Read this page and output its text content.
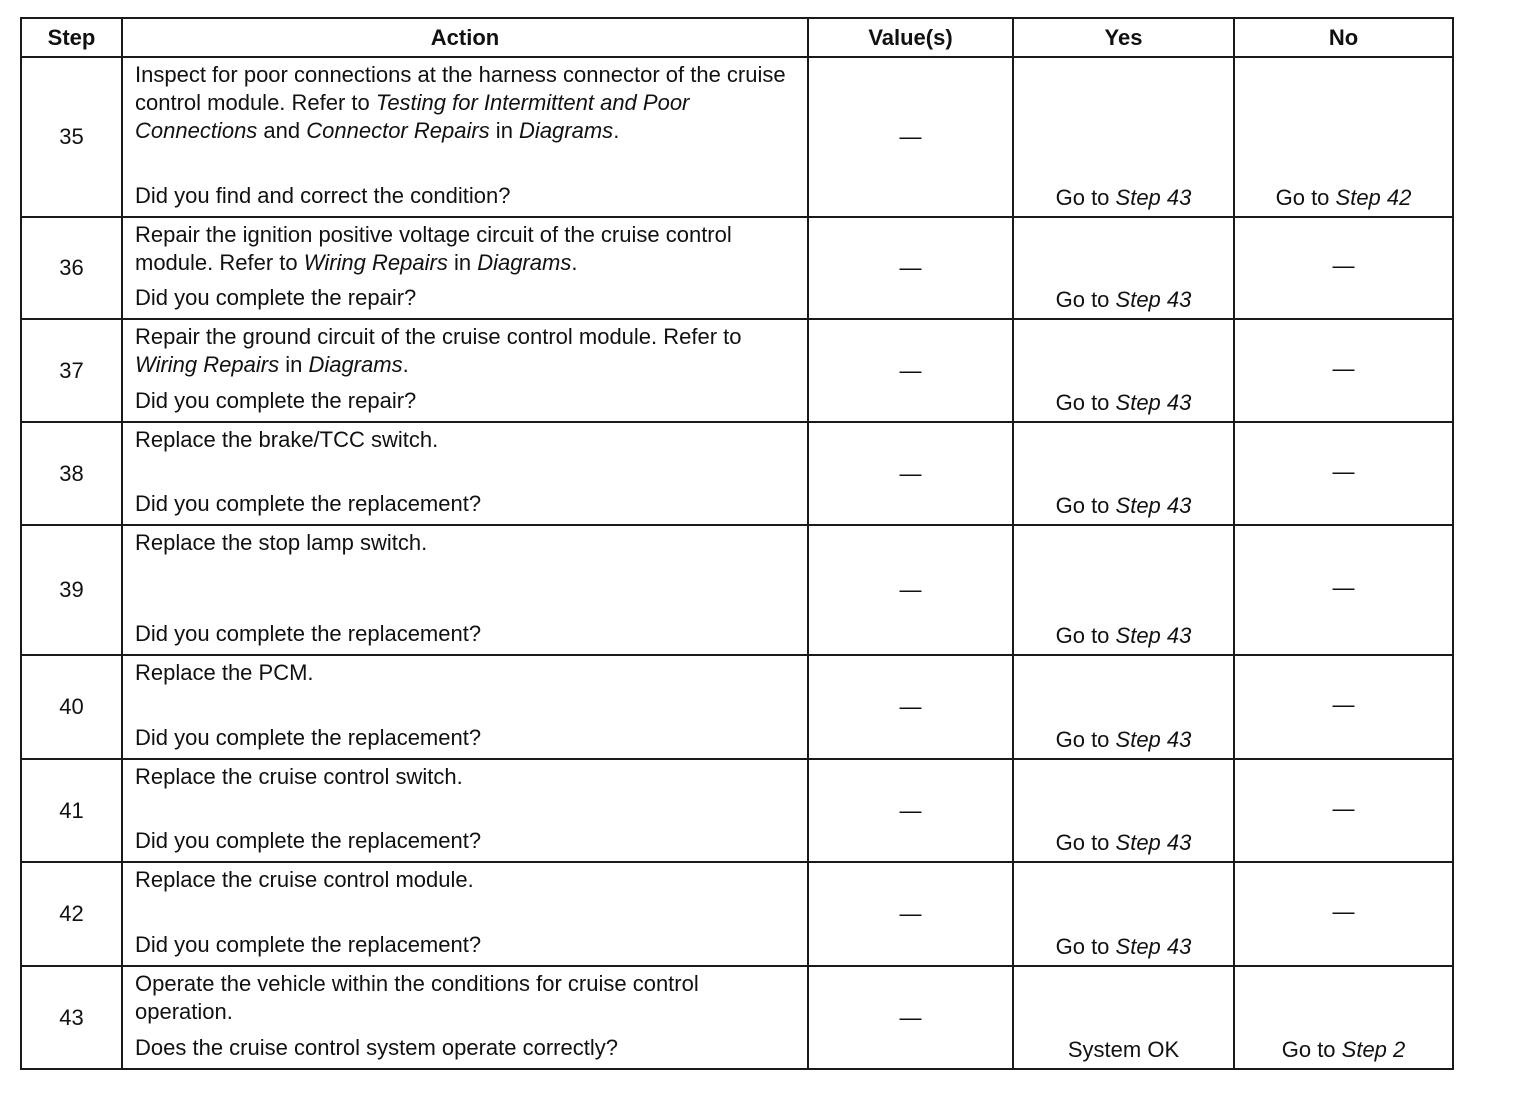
Step	Action	Value(s)	Yes	No
35	Inspect for poor connections at the harness connector of the cruise control module. Refer to Testing for Intermittent and Poor Connections and Connector Repairs in Diagrams.

Did you find and correct the condition?	—	Go to Step 43	Go to Step 42

36	Repair the ignition positive voltage circuit of the cruise control module. Refer to Wiring Repairs in Diagrams.

Did you complete the repair?	—	Go to Step 43	—

37	Repair the ground circuit of the cruise control module. Refer to Wiring Repairs in Diagrams.

Did you complete the repair?	—	Go to Step 43	—

38	Replace the brake/TCC switch.

Did you complete the replacement?	—	Go to Step 43	—

39	Replace the stop lamp switch.

Did you complete the replacement?	—	Go to Step 43	—

40	Replace the PCM.

Did you complete the replacement?	—	Go to Step 43	—

41	Replace the cruise control switch.

Did you complete the replacement?	—	Go to Step 43	—

42	Replace the cruise control module.

Did you complete the replacement?	—	Go to Step 43	—

43	Operate the vehicle within the conditions for cruise control operation.

Does the cruise control system operate correctly?	—	System OK	Go to Step 2
